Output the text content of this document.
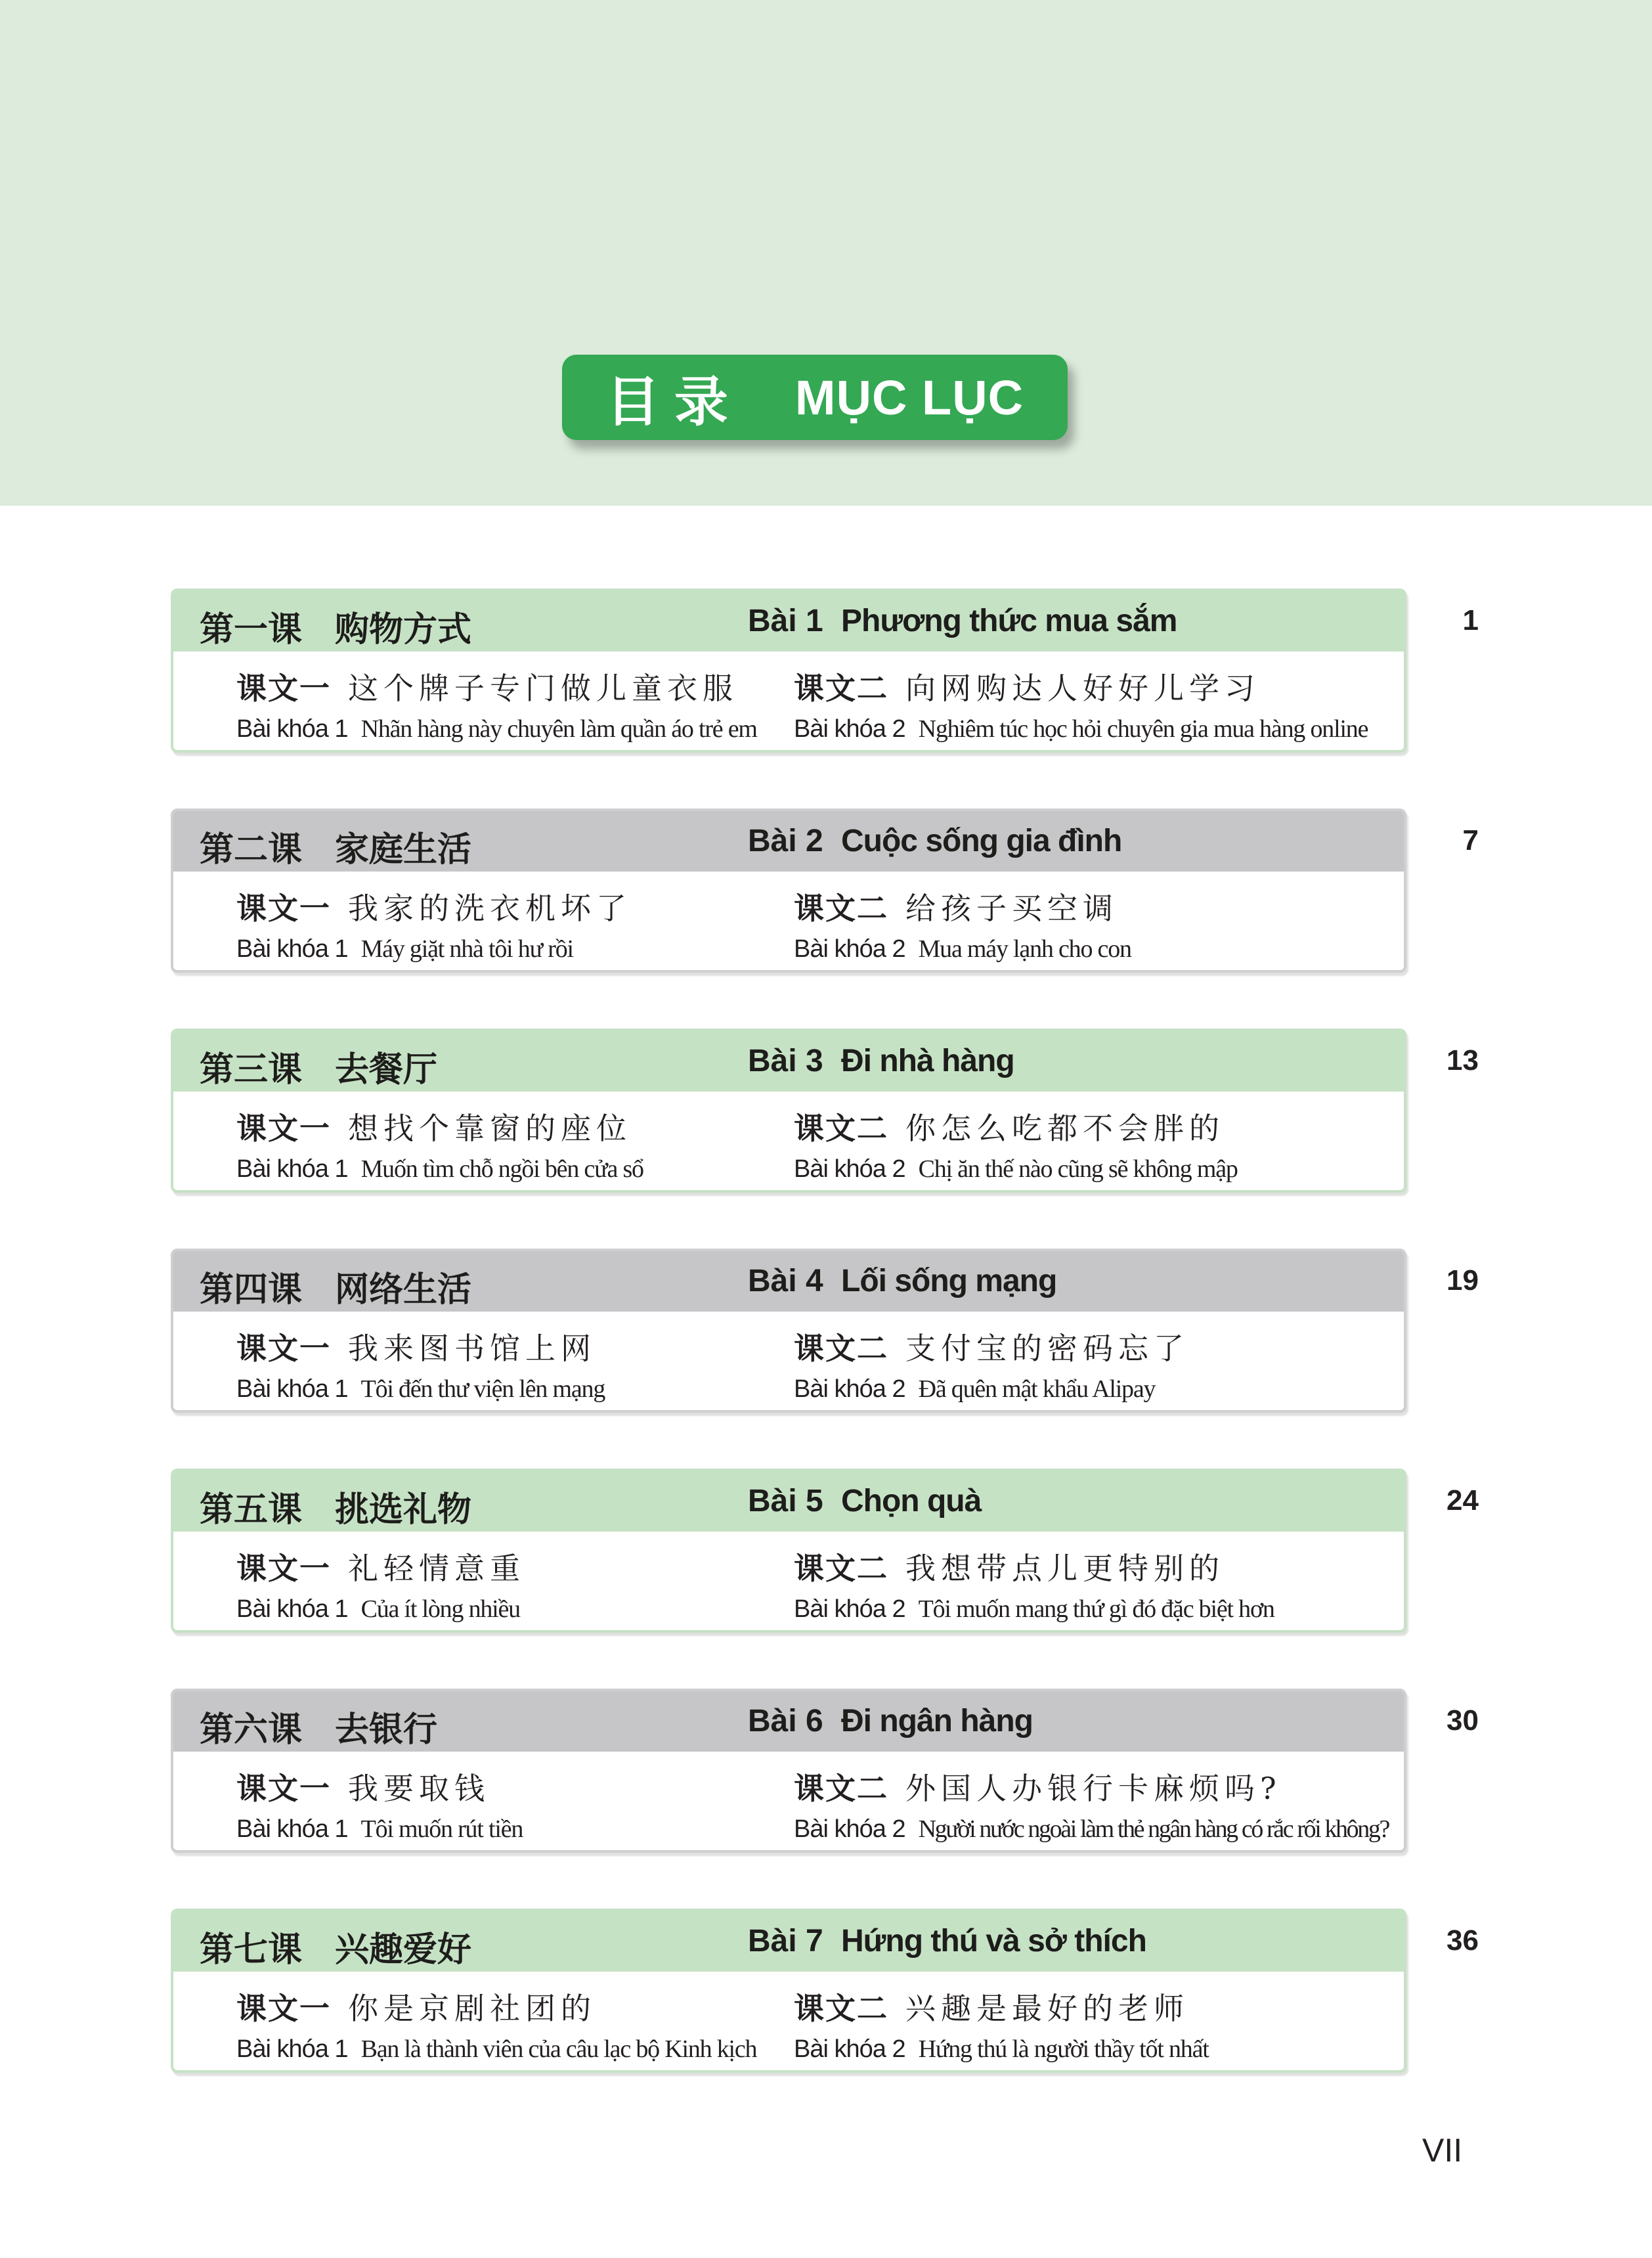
目录 MỤC LỤC
第一课 购物方式	Bài 1 Phương thức mua sắm
课文一 这个牌子专门做儿童衣服
Bài khóa 1 Nhãn hàng này chuyên làm quần áo trẻ em
课文二 向网购达人好好儿学习
Bài khóa 2 Nghiêm túc học hỏi chuyên gia mua hàng online
1
第二课 家庭生活	Bài 2 Cuộc sống gia đình
课文一 我家的洗衣机坏了
Bài khóa 1 Máy giặt nhà tôi hư rồi
课文二 给孩子买空调
Bài khóa 2 Mua máy lạnh cho con
7
第三课 去餐厅	Bài 3 Đi nhà hàng
课文一 想找个靠窗的座位
Bài khóa 1 Muốn tìm chỗ ngồi bên cửa sổ
课文二 你怎么吃都不会胖的
Bài khóa 2 Chị ăn thế nào cũng sẽ không mập
13
第四课 网络生活	Bài 4 Lối sống mạng
课文一 我来图书馆上网
Bài khóa 1 Tôi đến thư viện lên mạng
课文二 支付宝的密码忘了
Bài khóa 2 Đã quên mật khẩu Alipay
19
第五课 挑选礼物	Bài 5 Chọn quà
课文一 礼轻情意重
Bài khóa 1 Của ít lòng nhiều
课文二 我想带点儿更特别的
Bài khóa 2 Tôi muốn mang thứ gì đó đặc biệt hơn
24
第六课 去银行	Bài 6 Đi ngân hàng
课文一 我要取钱
Bài khóa 1 Tôi muốn rút tiền
课文二 外国人办银行卡麻烦吗?
Bài khóa 2 Người nước ngoài làm thẻ ngân hàng có rắc rối không?
30
第七课 兴趣爱好	Bài 7 Hứng thú và sở thích
课文一 你是京剧社团的
Bài khóa 1 Bạn là thành viên của câu lạc bộ Kinh kịch
课文二 兴趣是最好的老师
Bài khóa 2 Hứng thú là người thầy tốt nhất
36
VII
